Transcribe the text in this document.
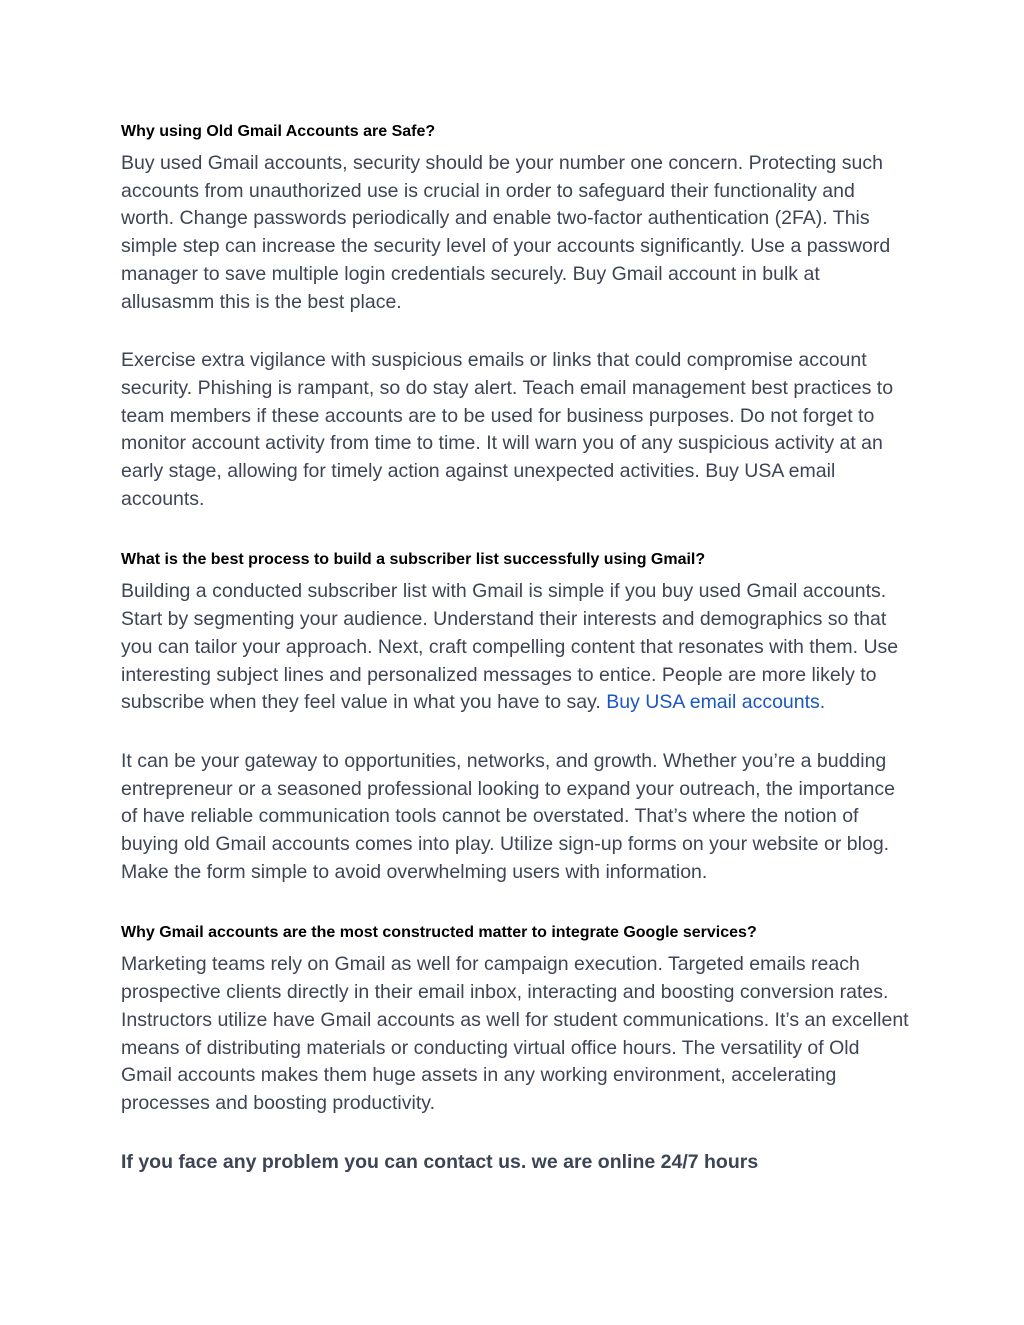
Why using Old Gmail Accounts are Safe?

Buy used Gmail accounts, security should be your number one concern. Protecting such accounts from unauthorized use is crucial in order to safeguard their functionality and worth. Change passwords periodically and enable two-factor authentication (2FA). This simple step can increase the security level of your accounts significantly. Use a password manager to save multiple login credentials securely. Buy Gmail account in bulk at allusasmm this is the best place.

Exercise extra vigilance with suspicious emails or links that could compromise account security. Phishing is rampant, so do stay alert. Teach email management best practices to team members if these accounts are to be used for business purposes. Do not forget to monitor account activity from time to time. It will warn you of any suspicious activity at an early stage, allowing for timely action against unexpected activities. Buy USA email accounts.

What is the best process to build a subscriber list successfully using Gmail?

Building a conducted subscriber list with Gmail is simple if you buy used Gmail accounts. Start by segmenting your audience. Understand their interests and demographics so that you can tailor your approach. Next, craft compelling content that resonates with them. Use interesting subject lines and personalized messages to entice. People are more likely to subscribe when they feel value in what you have to say. Buy USA email accounts.

It can be your gateway to opportunities, networks, and growth. Whether you’re a budding entrepreneur or a seasoned professional looking to expand your outreach, the importance of have reliable communication tools cannot be overstated. That’s where the notion of buying old Gmail accounts comes into play. Utilize sign-up forms on your website or blog. Make the form simple to avoid overwhelming users with information.

Why Gmail accounts are the most constructed matter to integrate Google services?

Marketing teams rely on Gmail as well for campaign execution. Targeted emails reach prospective clients directly in their email inbox, interacting and boosting conversion rates. Instructors utilize have Gmail accounts as well for student communications. It’s an excellent means of distributing materials or conducting virtual office hours. The versatility of Old Gmail accounts makes them huge assets in any working environment, accelerating processes and boosting productivity.

If you face any problem you can contact us. we are online 24/7 hours
